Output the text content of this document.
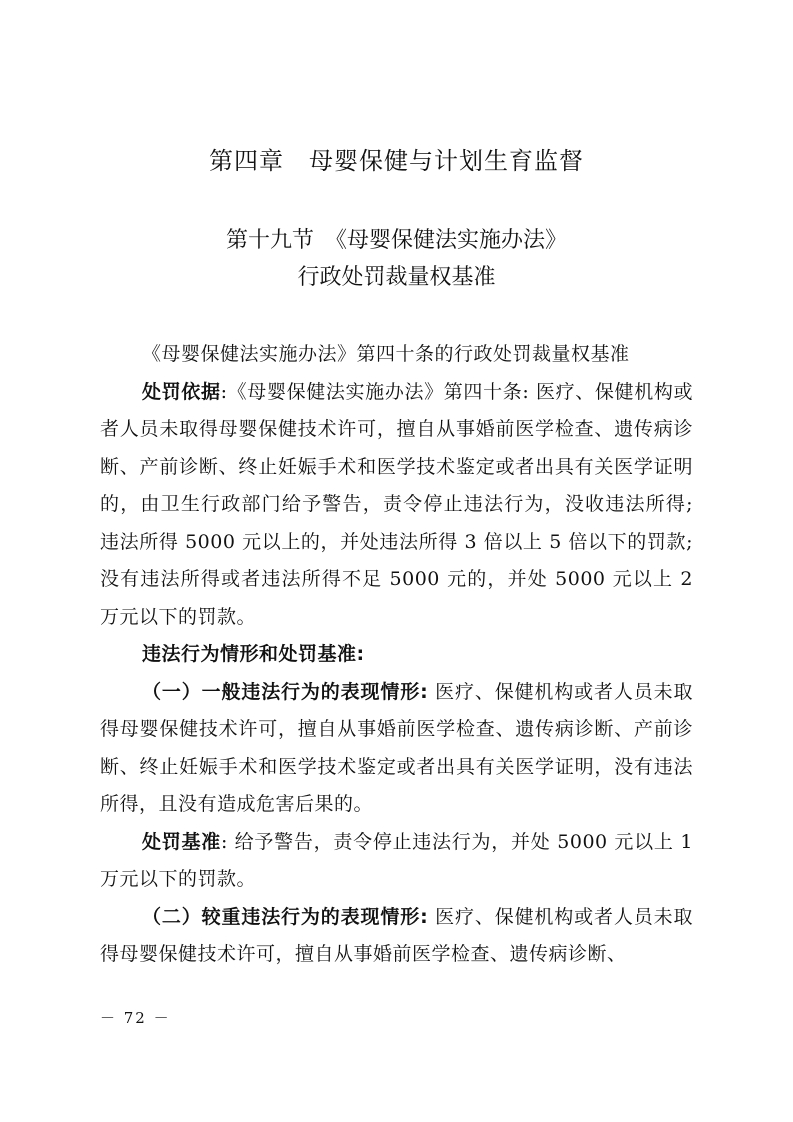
第四章　母婴保健与计划生育监督
第十九节　《母婴保健法实施办法》
行政处罚裁量权基准

《母婴保健法实施办法》第四十条的行政处罚裁量权基准

处罚依据:《母婴保健法实施办法》第四十条: 医疗、保健机构或者人员未取得母婴保健技术许可，擅自从事婚前医学检查、遗传病诊断、产前诊断、终止妊娠手术和医学技术鉴定或者出具有关医学证明的，由卫生行政部门给予警告，责令停止违法行为，没收违法所得; 违法所得 5000 元以上的，并处违法所得 3 倍以上 5 倍以下的罚款; 没有违法所得或者违法所得不足 5000 元的，并处 5000 元以上 2 万元以下的罚款。

违法行为情形和处罚基准:

（一）一般违法行为的表现情形: 医疗、保健机构或者人员未取得母婴保健技术许可，擅自从事婚前医学检查、遗传病诊断、产前诊断、终止妊娠手术和医学技术鉴定或者出具有关医学证明，没有违法所得，且没有造成危害后果的。

处罚基准: 给予警告，责令停止违法行为，并处 5000 元以上 1 万元以下的罚款。

（二）较重违法行为的表现情形: 医疗、保健机构或者人员未取得母婴保健技术许可，擅自从事婚前医学检查、遗传病诊断、

－ 72 －
